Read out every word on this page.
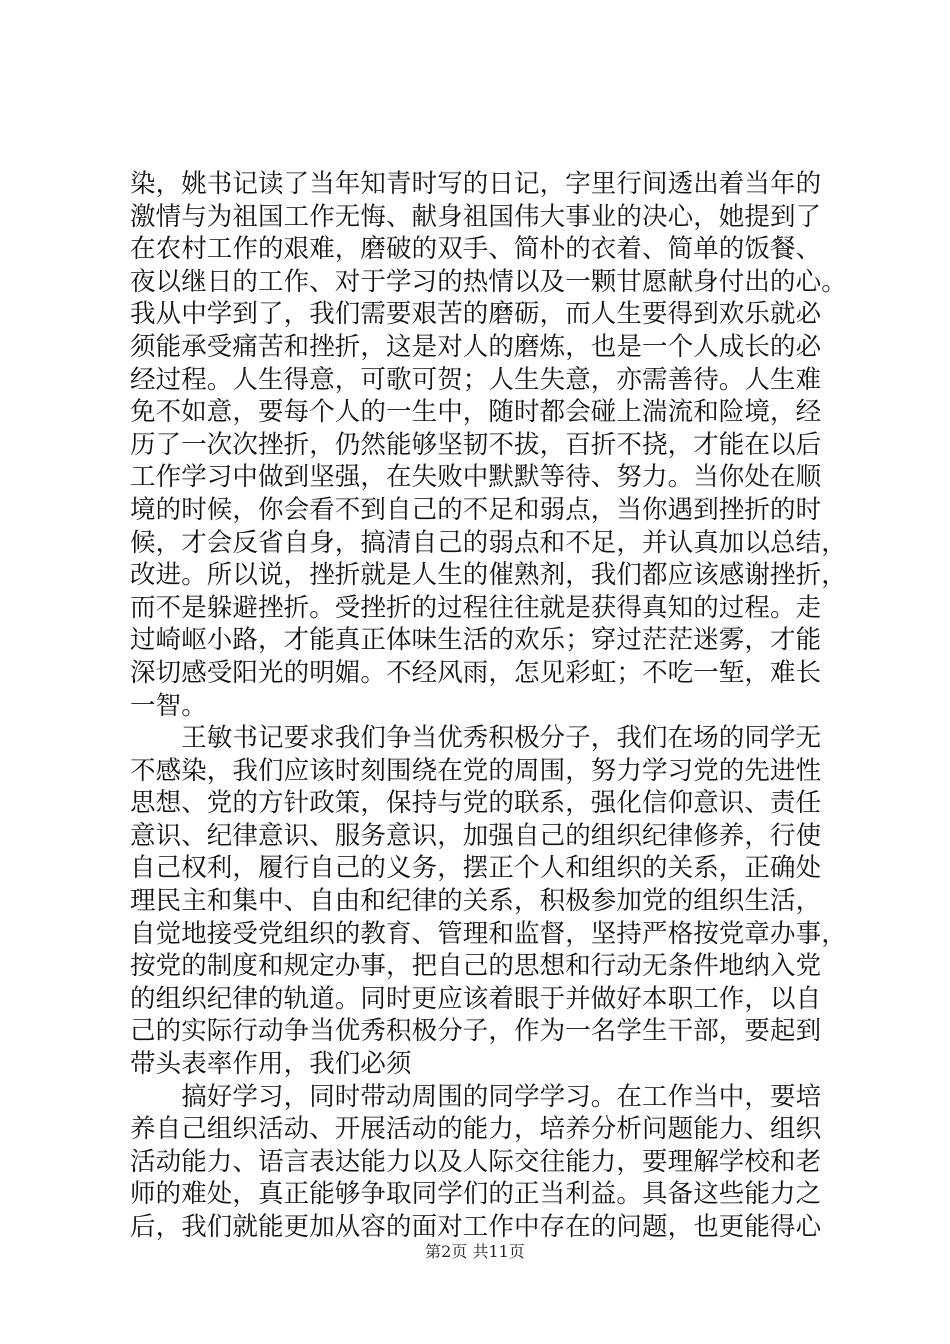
染，姚书记读了当年知青时写的日记，字里行间透出着当年的
激情与为祖国工作无悔、献身祖国伟大事业的决心，她提到了
在农村工作的艰难，磨破的双手、简朴的衣着、简单的饭餐、
夜以继日的工作、对于学习的热情以及一颗甘愿献身付出的心。
我从中学到了，我们需要艰苦的磨砺，而人生要得到欢乐就必
须能承受痛苦和挫折，这是对人的磨炼，也是一个人成长的必
经过程。人生得意，可歌可贺；人生失意，亦需善待。人生难
免不如意，要每个人的一生中，随时都会碰上湍流和险境，经
历了一次次挫折，仍然能够坚韧不拔，百折不挠，才能在以后
工作学习中做到坚强，在失败中默默等待、努力。当你处在顺
境的时候，你会看不到自己的不足和弱点，当你遇到挫折的时
候，才会反省自身，搞清自己的弱点和不足，并认真加以总结，
改进。所以说，挫折就是人生的催熟剂，我们都应该感谢挫折，
而不是躲避挫折。受挫折的过程往往就是获得真知的过程。走
过崎岖小路，才能真正体味生活的欢乐；穿过茫茫迷雾，才能
深切感受阳光的明媚。不经风雨，怎见彩虹；不吃一堑，难长
一智。
　　王敏书记要求我们争当优秀积极分子，我们在场的同学无
不感染，我们应该时刻围绕在党的周围，努力学习党的先进性
思想、党的方针政策，保持与党的联系，强化信仰意识、责任
意识、纪律意识、服务意识，加强自己的组织纪律修养，行使
自己权利，履行自己的义务，摆正个人和组织的关系，正确处
理民主和集中、自由和纪律的关系，积极参加党的组织生活，
自觉地接受党组织的教育、管理和监督，坚持严格按党章办事，
按党的制度和规定办事，把自己的思想和行动无条件地纳入党
的组织纪律的轨道。同时更应该着眼于并做好本职工作，以自
己的实际行动争当优秀积极分子，作为一名学生干部，要起到
带头表率作用，我们必须
　　搞好学习，同时带动周围的同学学习。在工作当中，要培
养自己组织活动、开展活动的能力，培养分析问题能力、组织
活动能力、语言表达能力以及人际交往能力，要理解学校和老
师的难处，真正能够争取同学们的正当利益。具备这些能力之
后，我们就能更加从容的面对工作中存在的问题，也更能得心
第2页 共11页
